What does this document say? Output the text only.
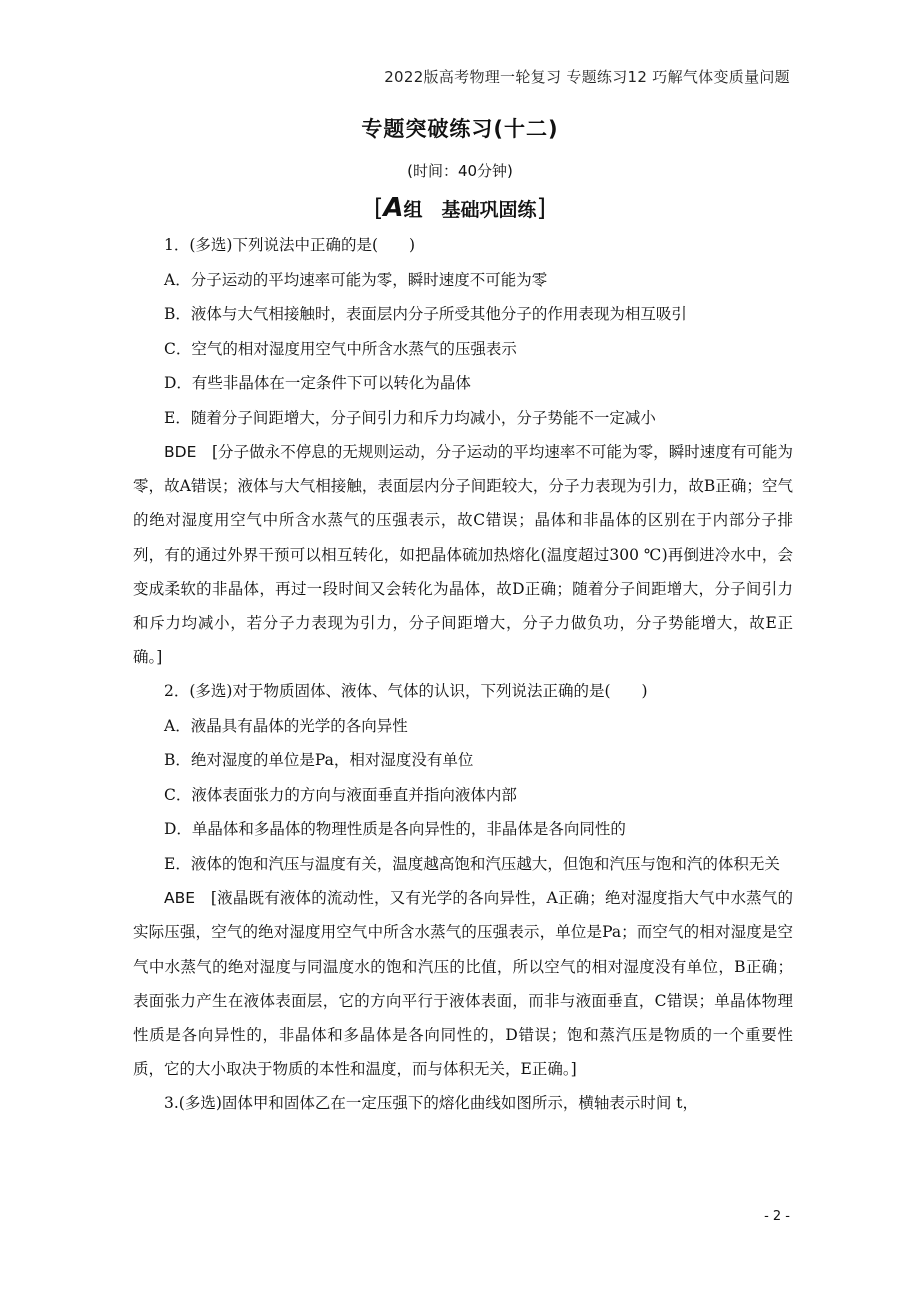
2022版高考物理一轮复习 专题练习12 巧解气体变质量问题
专题突破练习(十二)
(时间：40分钟)
[A组　基础巩固练]
1．(多选)下列说法中正确的是(　　)
A．分子运动的平均速率可能为零，瞬时速度不可能为零
B．液体与大气相接触时，表面层内分子所受其他分子的作用表现为相互吸引
C．空气的相对湿度用空气中所含水蒸气的压强表示
D．有些非晶体在一定条件下可以转化为晶体
E．随着分子间距增大，分子间引力和斥力均减小，分子势能不一定减小

BDE　[分子做永不停息的无规则运动，分子运动的平均速率不可能为零，瞬时速度有可能为零，故A错误；液体与大气相接触，表面层内分子间距较大，分子力表现为引力，故B正确；空气的绝对湿度用空气中所含水蒸气的压强表示，故C错误；晶体和非晶体的区别在于内部分子排列，有的通过外界干预可以相互转化，如把晶体硫加热熔化(温度超过300 ℃)再倒进冷水中，会变成柔软的非晶体，再过一段时间又会转化为晶体，故D正确；随着分子间距增大，分子间引力和斥力均减小，若分子力表现为引力，分子间距增大，分子力做负功，分子势能增大，故E正确。]

2．(多选)对于物质固体、液体、气体的认识，下列说法正确的是(　　)
A．液晶具有晶体的光学的各向异性
B．绝对湿度的单位是Pa，相对湿度没有单位
C．液体表面张力的方向与液面垂直并指向液体内部
D．单晶体和多晶体的物理性质是各向异性的，非晶体是各向同性的

E．液体的饱和汽压与温度有关，温度越高饱和汽压越大，但饱和汽压与饱和汽的体积无关

ABE　[液晶既有液体的流动性，又有光学的各向异性，A正确；绝对湿度指大气中水蒸气的实际压强，空气的绝对湿度用空气中所含水蒸气的压强表示，单位是Pa；而空气的相对湿度是空气中水蒸气的绝对湿度与同温度水的饱和汽压的比值，所以空气的相对湿度没有单位，B正确；表面张力产生在液体表面层，它的方向平行于液体表面，而非与液面垂直，C错误；单晶体物理性质是各向异性的，非晶体和多晶体是各向同性的，D错误；饱和蒸汽压是物质的一个重要性质，它的大小取决于物质的本性和温度，而与体积无关，E正确。]

3.(多选)固体甲和固体乙在一定压强下的熔化曲线如图所示，横轴表示时间 t，
- 2 -
